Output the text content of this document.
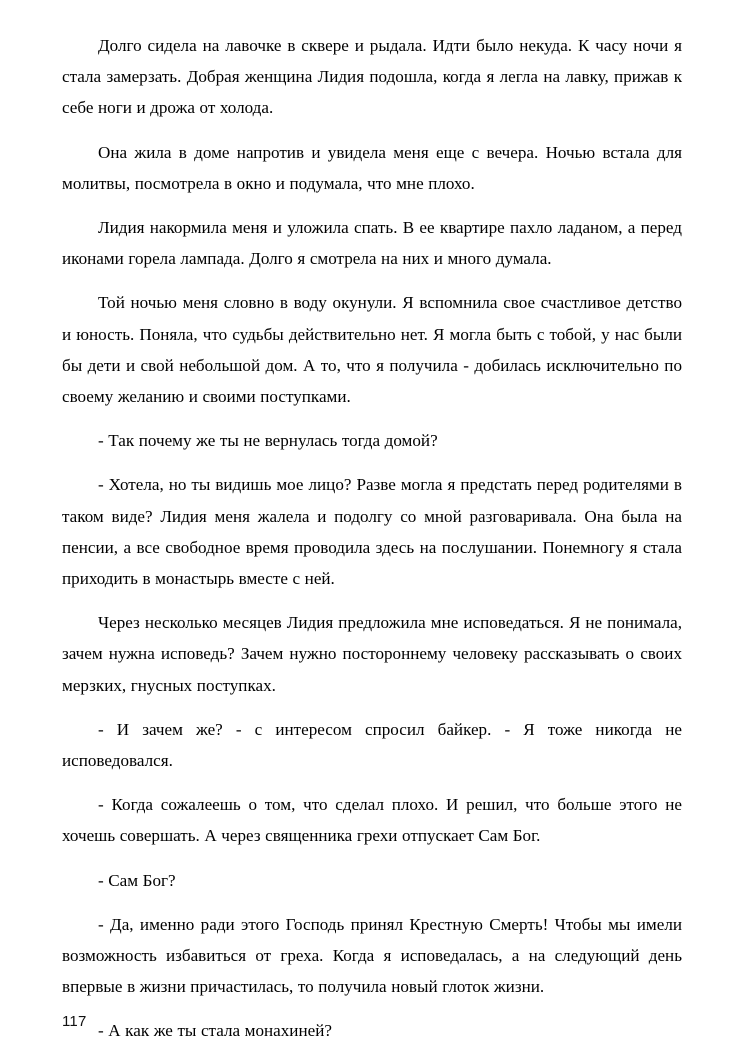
Долго сидела на лавочке в сквере и рыдала. Идти было некуда. К часу ночи я стала замерзать. Добрая женщина Лидия подошла, когда я легла на лавку, прижав к себе ноги и дрожа от холода.

Она жила в доме напротив и увидела меня еще с вечера. Ночью встала для молитвы, посмотрела в окно и подумала, что мне плохо.

Лидия накормила меня и уложила спать. В ее квартире пахло ладаном, а перед иконами горела лампада. Долго я смотрела на них и много думала.

Той ночью меня словно в воду окунули. Я вспомнила свое счастливое детство и юность. Поняла, что судьбы действительно нет. Я могла быть с тобой, у нас были бы дети и свой небольшой дом. А то, что я получила - добилась исключительно по своему желанию и своими поступками.

- Так почему же ты не вернулась тогда домой?

- Хотела, но ты видишь мое лицо? Разве могла я предстать перед родителями в таком виде? Лидия меня жалела и подолгу со мной разговаривала. Она была на пенсии, а все свободное время проводила здесь на послушании. Понемногу я стала приходить в монастырь вместе с ней.

Через несколько месяцев Лидия предложила мне исповедаться. Я не понимала, зачем нужна исповедь? Зачем нужно постороннему человеку рассказывать о своих мерзких, гнусных поступках.

- И зачем же? - с интересом спросил байкер. - Я тоже никогда не исповедовался.

- Когда сожалеешь о том, что сделал плохо. И решил, что больше этого не хочешь совершать. А через священника грехи отпускает Сам Бог.

- Сам Бог?

- Да, именно ради этого Господь принял Крестную Смерть! Чтобы мы имели возможность избавиться от греха. Когда я исповедалась, а на следующий день впервые в жизни причастилась, то получила новый глоток жизни.

- А как же ты стала монахиней?

117
